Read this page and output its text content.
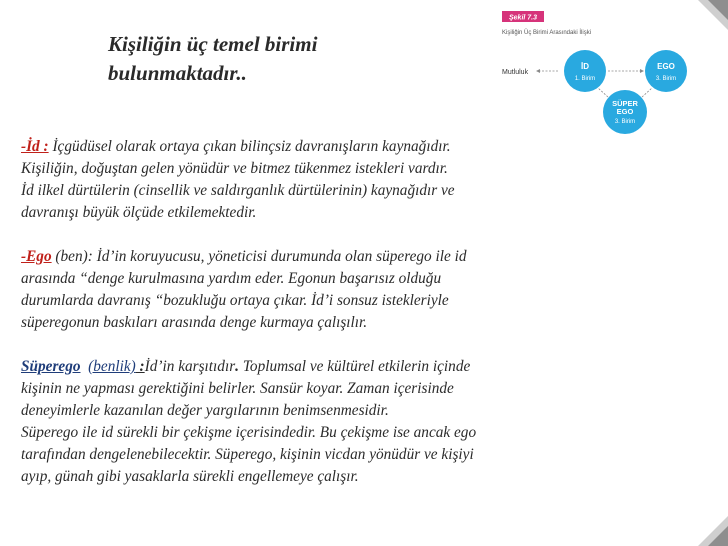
Kişiliğin üç temel birimi
bulunmaktadır..
Şekil 7.3
Kişiliğin Üç Birimi Arasındaki İlişki
Mutluluk
İD
1. Birim
EGO
3. Birim
SÜPER
EGO
3. Birim

-İd : İçgüdüsel olarak ortaya çıkan bilinçsiz davranışların kaynağıdır.

Kişiliğin, doğuştan gelen yönüdür ve bitmez tükenmez istekleri vardır.

İd ilkel dürtülerin (cinsellik ve saldırganlık dürtülerinin) kaynağıdır ve

davranışı büyük ölçüde etkilemektedir.

-Ego (ben): İd’in koruyucusu, yöneticisi durumunda olan süperego ile id

arasında “denge kurulmasına yardım eder. Egonun başarısız olduğu

durumlarda davranış “bozukluğu ortaya çıkar. İd’i sonsuz istekleriyle

süperegonun baskıları arasında denge kurmaya çalışılır.

Süperego (benlik) :İd’in karşıtıdır. Toplumsal ve kültürel etkilerin içinde

kişinin ne yapması gerektiğini belirler. Sansür koyar. Zaman içerisinde

deneyimlerle kazanılan değer yargılarının benimsenmesidir.

Süperego ile id sürekli bir çekişme içerisindedir. Bu çekişme ise ancak ego

tarafından dengelenebilecektir. Süperego, kişinin vicdan yönüdür ve kişiyi

ayıp, günah gibi yasaklarla sürekli engellemeye çalışır.
